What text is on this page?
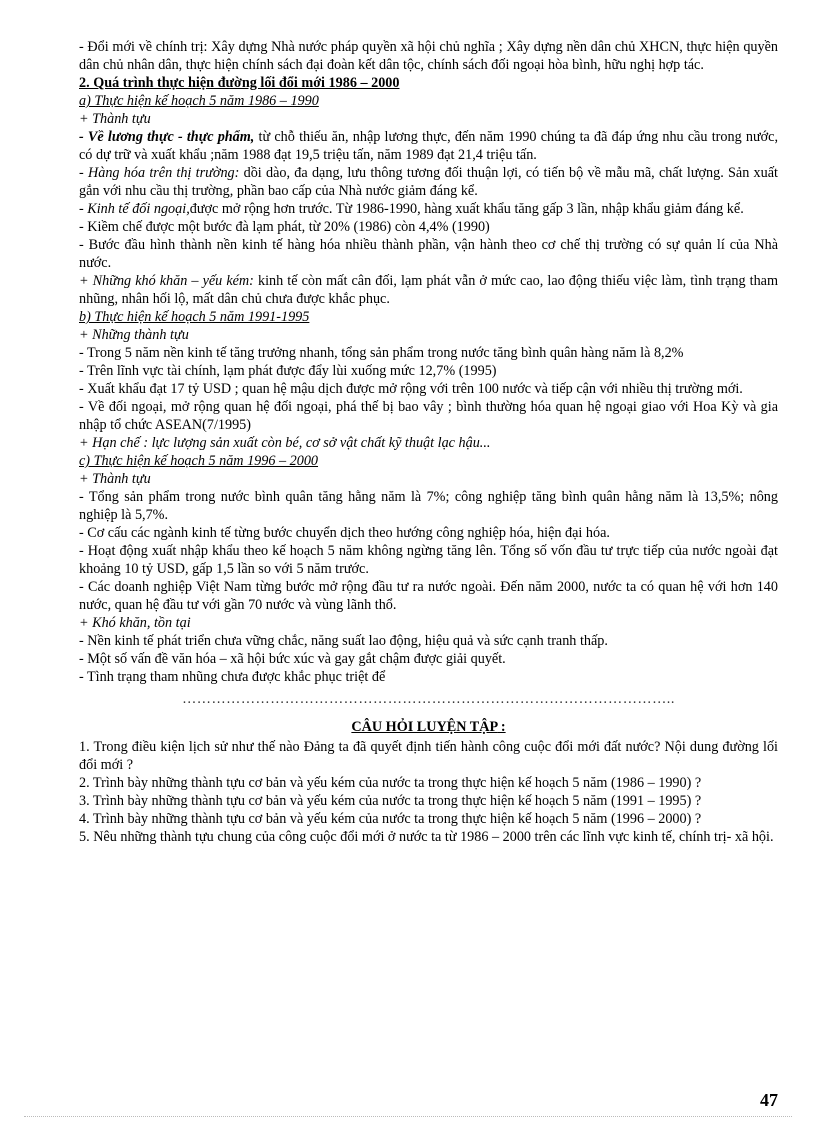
- Đổi mới về chính trị: Xây dựng Nhà nước pháp quyền xã hội chủ nghĩa ; Xây dựng nền dân chủ XHCN, thực hiện quyền dân chủ nhân dân, thực hiện chính sách đại đoàn kết dân tộc, chính sách đối ngoại hòa bình, hữu nghị hợp tác.

2. Quá trình thực hiện đường lối đổi mới 1986 – 2000

a) Thực hiện kế hoạch 5 năm 1986 – 1990

+ Thành tựu

- Về lương thực - thực phẩm, từ chỗ thiếu ăn, nhập lương thực, đến năm 1990 chúng ta đã đáp ứng nhu cầu trong nước, có dự trữ và xuất khẩu ;năm 1988 đạt 19,5 triệu tấn, năm 1989 đạt 21,4 triệu tấn.

- Hàng hóa trên thị trường: dồi dào, đa dạng, lưu thông tương đối thuận lợi, có tiến bộ về mẫu mã, chất lượng. Sản xuất gắn với nhu cầu thị trường, phần bao cấp của Nhà nước giảm đáng kể.

- Kinh tế đối ngoại,được mở rộng hơn trước. Từ 1986-1990, hàng xuất khẩu tăng gấp 3 lần, nhập khẩu giảm đáng kể.

- Kiềm chế được một bước đà lạm phát, từ 20% (1986) còn 4,4% (1990)

- Bước đầu hình thành nền kinh tế hàng hóa nhiều thành phần, vận hành theo cơ chế thị trường có sự quản lí của Nhà nước.

+ Những khó khăn – yếu kém: kinh tế còn mất cân đối, lạm phát vẫn ở mức cao, lao động thiếu việc làm, tình trạng tham nhũng, nhân hối lộ, mất dân chủ chưa được khắc phục.

b) Thực hiện kế hoạch 5 năm 1991-1995

+ Những thành tựu

- Trong 5 năm nền kinh tế tăng trưởng nhanh, tổng sản phẩm trong nước tăng bình quân hàng năm là 8,2%

- Trên lĩnh vực tài chính, lạm phát được đẩy lùi xuống mức 12,7% (1995)

- Xuất khẩu đạt 17 tỷ USD ; quan hệ mậu dịch được mở rộng với trên 100 nước và tiếp cận với nhiều thị trường mới.

- Về đối ngoại, mở rộng quan hệ đối ngoại, phá thế bị bao vây ; bình thường hóa quan hệ ngoại giao với Hoa Kỳ và gia nhập tổ chức ASEAN(7/1995)

+ Hạn chế : lực lượng sản xuất còn bé, cơ sở vật chất kỹ thuật lạc hậu...

c) Thực hiện kế hoạch 5 năm 1996 – 2000

+ Thành tựu

- Tổng sản phẩm trong nước bình quân tăng hằng năm là 7%; công nghiệp tăng bình quân hằng năm là 13,5%; nông nghiệp là 5,7%.

- Cơ cấu các ngành kinh tế từng bước chuyển dịch theo hướng công nghiệp hóa, hiện đại hóa.

- Hoạt động xuất nhập khẩu theo kế hoạch 5 năm không ngừng tăng lên. Tổng số vốn đầu tư trực tiếp của nước ngoài đạt khoảng 10 tỷ USD, gấp 1,5 lần so với 5 năm trước.

- Các doanh nghiệp Việt Nam từng bước mở rộng đầu tư ra nước ngoài. Đến năm 2000, nước ta có quan hệ với hơn 140 nước, quan hệ đầu tư với gần 70 nước và vùng lãnh thổ.

+ Khó khăn, tồn tại

- Nền kinh tế phát triển chưa vững chắc, năng suất lao động, hiệu quả và sức cạnh tranh thấp.

- Một số vấn đề văn hóa – xã hội bức xúc và gay gắt chậm được giải quyết.

- Tình trạng tham nhũng chưa được khắc phục triệt để

………………………………………………………………………………………..

CÂU HỎI LUYỆN TẬP :

1. Trong điều kiện lịch sử như thế nào Đảng ta đã quyết định tiến hành công cuộc đổi mới đất nước? Nội dung đường lối đổi mới ?

2. Trình bày những thành tựu cơ bản và yếu kém của nước ta trong thực hiện kế hoạch 5 năm (1986 – 1990) ?

3. Trình bày những thành tựu cơ bản và yếu kém của nước ta trong thực hiện kế hoạch 5 năm (1991 – 1995) ?

4. Trình bày những thành tựu cơ bản và yếu kém của nước ta trong thực hiện kế hoạch 5 năm (1996 – 2000) ?

5. Nêu những thành tựu chung của công cuộc đổi mới ở nước ta từ 1986 – 2000 trên các lĩnh vực kinh tế, chính trị- xã hội.

47
